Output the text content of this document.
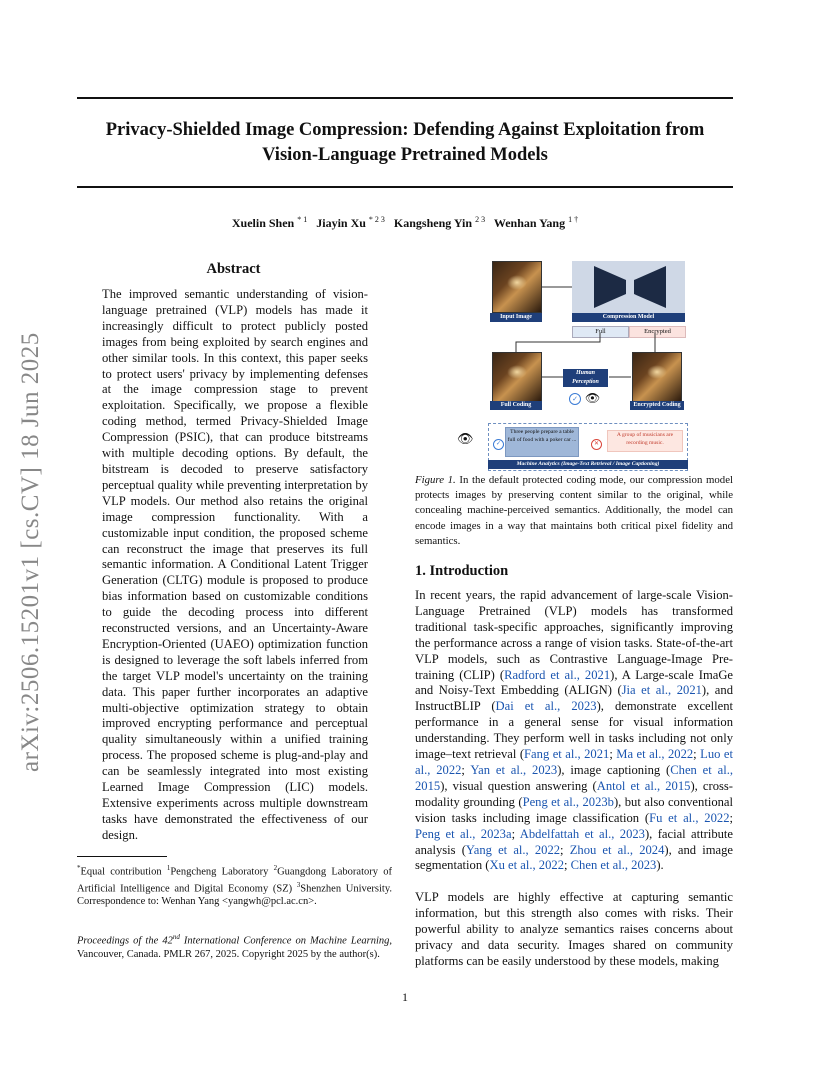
Privacy-Shielded Image Compression: Defending Against Exploitation from
Vision-Language Pretrained Models
Xuelin Shen $^{* 1}$ Jiayin Xu $^{* 2 3}$ Kangsheng Yin $^{2 3}$ Wenhan Yang $^{1 \dagger}$
arXiv:2506.15201v1 [cs.CV] 18 Jun 2025
Abstract
The improved semantic understanding of vision-language pretrained (VLP) models has made it increasingly difficult to protect publicly posted images from being exploited by search engines and other similar tools. In this context, this paper seeks to protect users' privacy by implementing defenses at the image compression stage to prevent exploitation. Specifically, we propose a flexible coding method, termed Privacy-Shielded Image Compression (PSIC), that can produce bitstreams with multiple decoding options. By default, the bitstream is decoded to preserve satisfactory perceptual quality while preventing interpretation by VLP models. Our method also retains the original image compression functionality. With a customizable input condition, the proposed scheme can reconstruct the image that preserves its full semantic information. A Conditional Latent Trigger Generation (CLTG) module is proposed to produce bias information based on customizable conditions to guide the decoding process into different reconstructed versions, and an Uncertainty-Aware Encryption-Oriented (UAEO) optimization function is designed to leverage the soft labels inferred from the target VLP model's uncertainty on the training data. This paper further incorporates an adaptive multi-objective optimization strategy to obtain improved encrypting performance and perceptual quality simultaneously within a unified training process. The proposed scheme is plug-and-play and can be seamlessly integrated into most existing Learned Image Compression (LIC) models. Extensive experiments across multiple downstream tasks have demonstrated the effectiveness of our design.
*Equal contribution $^1$Pengcheng Laboratory $^2$Guangdong Laboratory of Artificial Intelligence and Digital Economy (SZ) $^3$Shenzhen University. Correspondence to: Wenhan Yang <yangwh@pcl.ac.cn>.
Proceedings of the 42nd International Conference on Machine Learning, Vancouver, Canada. PMLR 267, 2025. Copyright 2025 by the author(s).
Input Image	Compression Model
Full	Encrypted
Full Coding	Encrypted Coding
Human Perception
✓ 👁
👁	✓
Three people prepare a table full of food with a poker car ...
✕
A group of musicians are recording music.
Machine Analytics (Image-Text Retrieval / Image Captioning)
Figure 1. In the default protected coding mode, our compression model protects images by preserving content similar to the original, while concealing machine-perceived semantics. Additionally, the model can encode images in a way that maintains both critical pixel fidelity and semantics.
1. Introduction
In recent years, the rapid advancement of large-scale Vision-Language Pretrained (VLP) models has transformed traditional task-specific approaches, significantly improving the performance across a range of vision tasks. State-of-the-art VLP models, such as Contrastive Language-Image Pre-training (CLIP) (Radford et al., 2021), A Large-scale ImaGe and Noisy-Text Embedding (ALIGN) (Jia et al., 2021), and InstructBLIP (Dai et al., 2023), demonstrate excellent performance in a general sense for visual information understanding. They perform well in tasks including not only image–text retrieval (Fang et al., 2021; Ma et al., 2022; Luo et al., 2022; Yan et al., 2023), image captioning (Chen et al., 2015), visual question answering (Antol et al., 2015), cross-modality grounding (Peng et al., 2023b), but also conventional vision tasks including image classification (Fu et al., 2022; Peng et al., 2023a; Abdelfattah et al., 2023), facial attribute analysis (Yang et al., 2022; Zhou et al., 2024), and image segmentation (Xu et al., 2022; Chen et al., 2023).
VLP models are highly effective at capturing semantic information, but this strength also comes with risks. Their powerful ability to analyze semantics raises concerns about privacy and data security. Images shared on community platforms can be easily understood by these models, making
1
